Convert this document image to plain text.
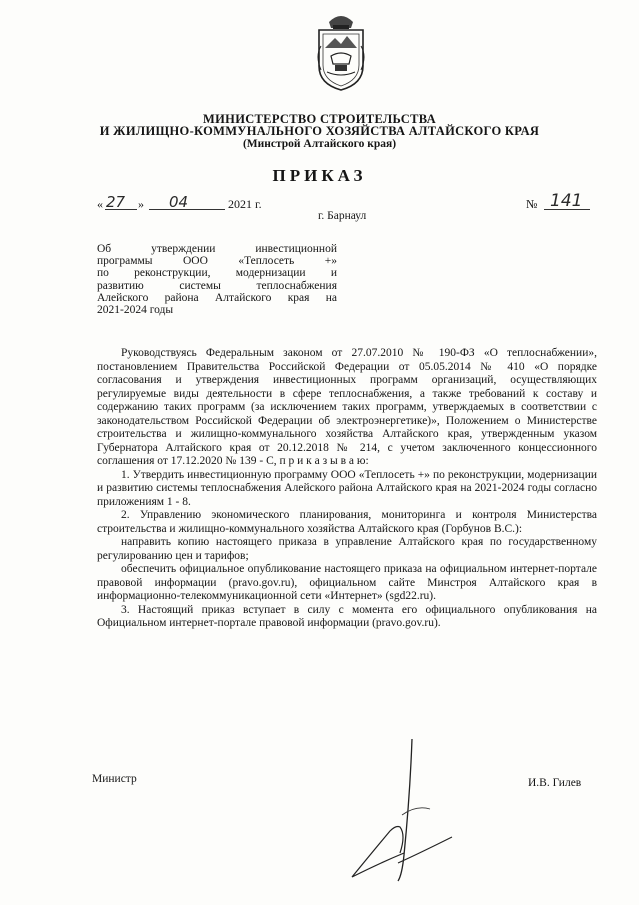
МИНИСТЕРСТВО СТРОИТЕЛЬСТВА
И ЖИЛИЩНО-КОММУНАЛЬНОГО ХОЗЯЙСТВА АЛТАЙСКОГО КРАЯ
(Минстрой Алтайского края)
ПРИКАЗ
« 27 » 04	2021 г.	№ 141
г. Барнаул
Об утверждении инвестиционной
программы ООО «Теплосеть +»
по реконструкции, модернизации и
развитию системы теплоснабжения
Алейского района Алтайского края на
2021-2024 годы

Руководствуясь Федеральным законом от 27.07.2010 № 190-ФЗ «О теплоснабжении», постановлением Правительства Российской Федерации от 05.05.2014 № 410 «О порядке согласования и утверждения инвестиционных программ организаций, осуществляющих регулируемые виды деятельности в сфере теплоснабжения, а также требований к составу и содержанию таких программ (за исключением таких программ, утверждаемых в соответствии с законодательством Российской Федерации об электроэнергетике)», Положением о Министерстве строительства и жилищно-коммунального хозяйства Алтайского края, утвержденным указом Губернатора Алтайского края от 20.12.2018 № 214, с учетом заключенного концессионного соглашения от 17.12.2020 № 139 - С, п р и к а з ы в а ю:

1. Утвердить инвестиционную программу ООО «Теплосеть +» по реконструкции, модернизации и развитию системы теплоснабжения Алейского района Алтайского края на 2021-2024 годы согласно приложениям 1 - 8.

2. Управлению экономического планирования, мониторинга и контроля Министерства строительства и жилищно-коммунального хозяйства Алтайского края (Горбунов В.С.):

направить копию настоящего приказа в управление Алтайского края по государственному регулированию цен и тарифов;

обеспечить официальное опубликование настоящего приказа на официальном интернет-портале правовой информации (pravo.gov.ru), официальном сайте Минстроя Алтайского края в информационно-телекоммуникационной сети «Интернет» (sgd22.ru).

3. Настоящий приказ вступает в силу с момента его официального опубликования на Официальном интернет-портале правовой информации (pravo.gov.ru).

Министр	И.В. Гилев
